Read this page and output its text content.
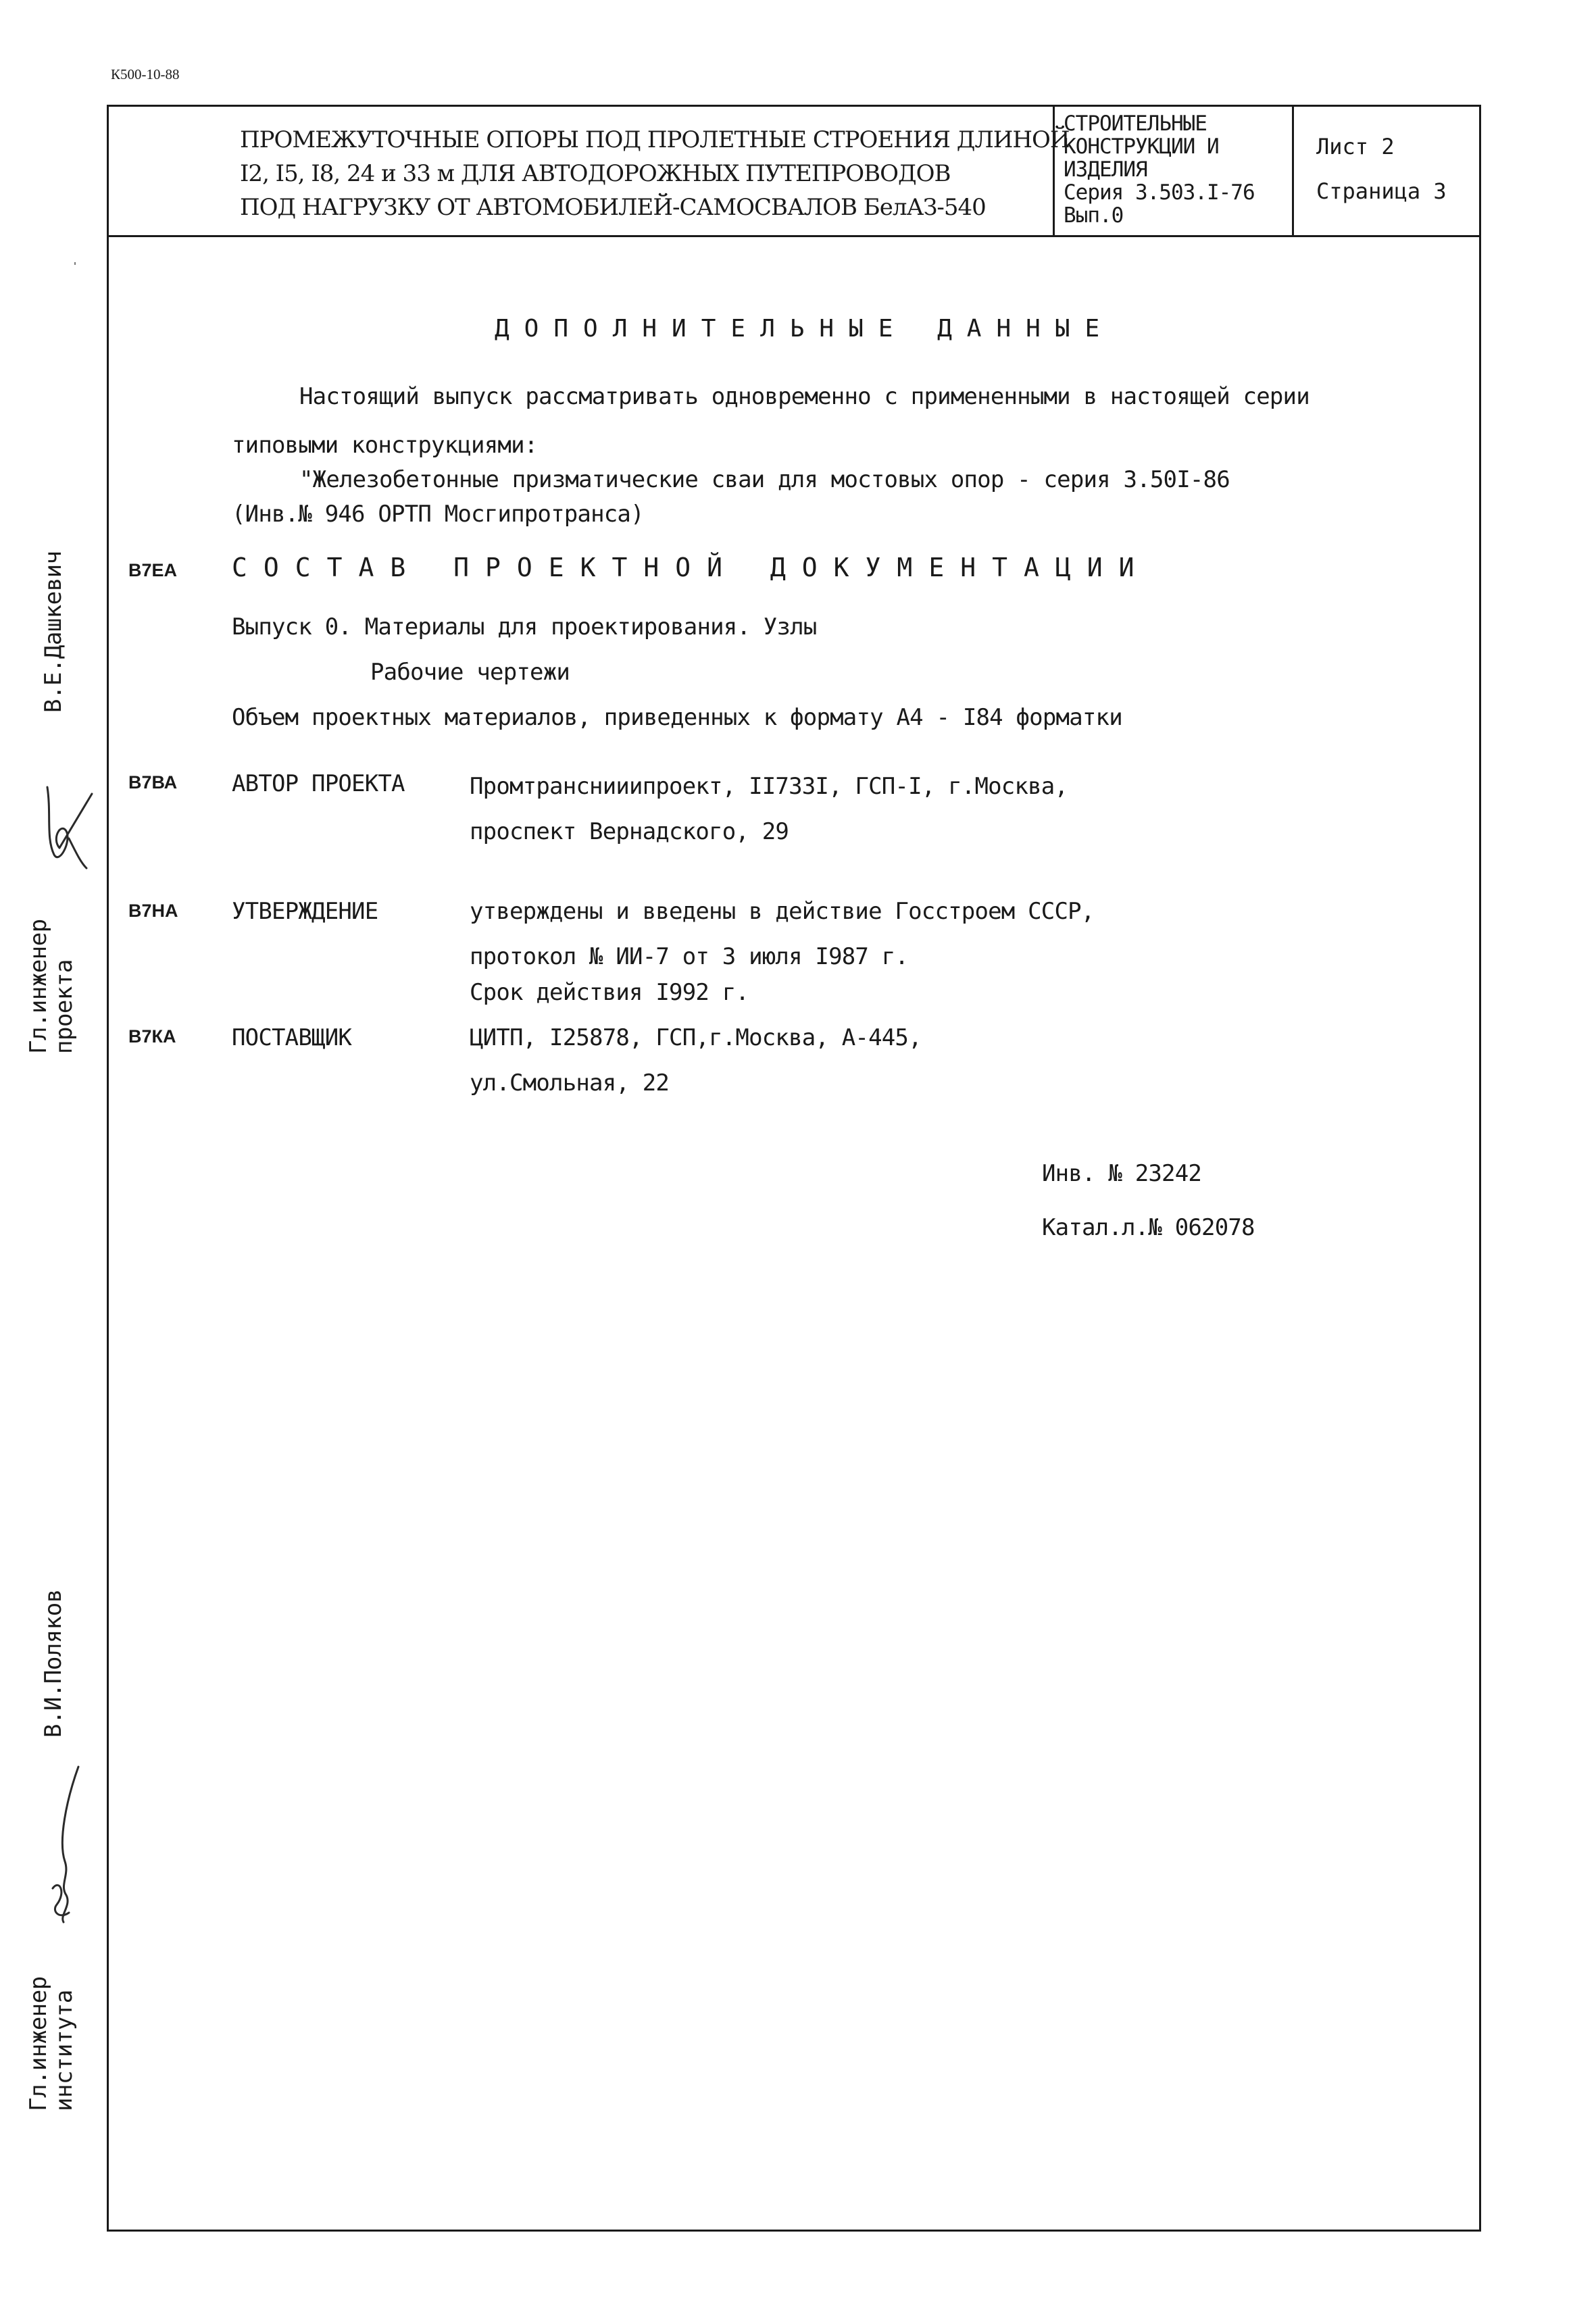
К500-10-88
ПРОМЕЖУТОЧНЫЕ ОПОРЫ ПОД ПРОЛЕТНЫЕ СТРОЕНИЯ ДЛИНОЙ
I2, I5, I8, 24 и 33 м ДЛЯ АВТОДОРОЖНЫХ ПУТЕПРОВОДОВ
ПОД НАГРУЗКУ ОТ АВТОМОБИЛЕЙ-САМОСВАЛОВ БелАЗ-540
СТРОИТЕЛЬНЫЕ
КОНСТРУКЦИИ И
ИЗДЕЛИЯ
Серия 3.503.I-76
Вып.0
Лист 2
Страница 3
ДОПОЛНИТЕЛЬНЫЕ ДАННЫЕ
Настоящий выпуск рассматривать одновременно с примененными в настоящей серии
типовыми конструкциями:
"Железобетонные призматические сваи для мостовых опор - серия 3.50I-86
(Инв.№ 946 ОРТП Мосгипротранса)
В7ЕА СОСТАВ ПРОЕКТНОЙ ДОКУМЕНТАЦИИ
Выпуск 0. Материалы для проектирования. Узлы
Рабочие чертежи
Объем проектных материалов, приведенных к формату А4 - I84 форматки
В7ВА АВТОР ПРОЕКТА	Промтранснииипроект, II733I, ГСП-I, г.Москва,
проспект Вернадского, 29
В7НА УТВЕРЖДЕНИЕ	утверждены и введены в действие Госстроем СССР,
протокол № ИИ-7 от 3 июля I987 г.
Срок действия I992 г.
В7КА ПОСТАВЩИК	ЦИТП, I25878, ГСП,г.Москва, А-445,
ул.Смольная, 22
Инв. № 23242
Катал.л.№ 062078
В.Е.Дашкевич
Гл.инженер
проекта
В.И.Поляков
Гл.инженер
института
